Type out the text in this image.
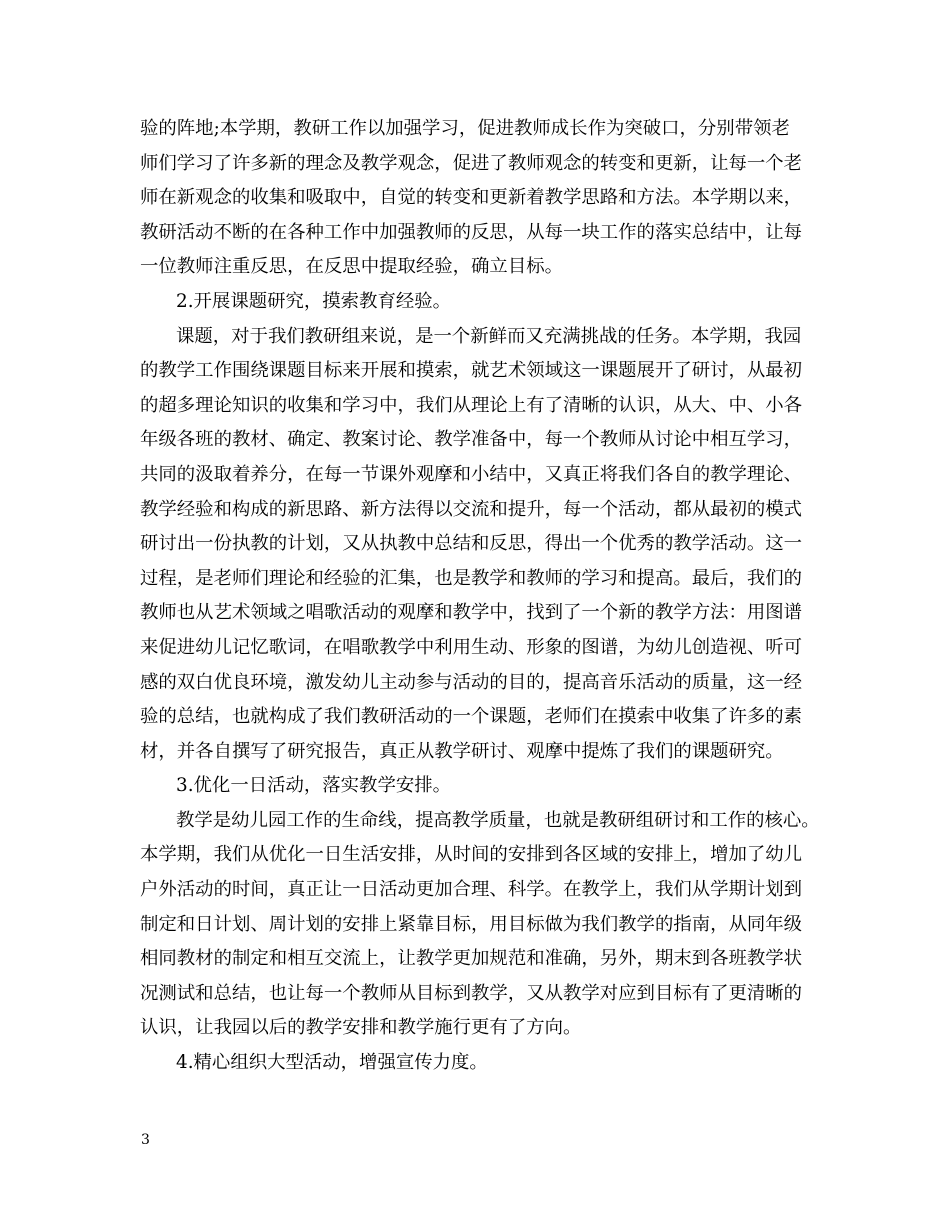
验的阵地;本学期，教研工作以加强学习，促进教师成长作为突破口，分别带领老
师们学习了许多新的理念及教学观念，促进了教师观念的转变和更新，让每一个老
师在新观念的收集和吸取中，自觉的转变和更新着教学思路和方法。本学期以来，
教研活动不断的在各种工作中加强教师的反思，从每一块工作的落实总结中，让每
一位教师注重反思，在反思中提取经验，确立目标。
2.开展课题研究，摸索教育经验。
课题，对于我们教研组来说，是一个新鲜而又充满挑战的任务。本学期，我园
的教学工作围绕课题目标来开展和摸索，就艺术领域这一课题展开了研讨，从最初
的超多理论知识的收集和学习中，我们从理论上有了清晰的认识，从大、中、小各
年级各班的教材、确定、教案讨论、教学准备中，每一个教师从讨论中相互学习，
共同的汲取着养分，在每一节课外观摩和小结中，又真正将我们各自的教学理论、
教学经验和构成的新思路、新方法得以交流和提升，每一个活动，都从最初的模式
研讨出一份执教的计划，又从执教中总结和反思，得出一个优秀的教学活动。这一
过程，是老师们理论和经验的汇集，也是教学和教师的学习和提高。最后，我们的
教师也从艺术领域之唱歌活动的观摩和教学中，找到了一个新的教学方法：用图谱
来促进幼儿记忆歌词，在唱歌教学中利用生动、形象的图谱，为幼儿创造视、听可
感的双白优良环境，激发幼儿主动参与活动的目的，提高音乐活动的质量，这一经
验的总结，也就构成了我们教研活动的一个课题，老师们在摸索中收集了许多的素
材，并各自撰写了研究报告，真正从教学研讨、观摩中提炼了我们的课题研究。
3.优化一日活动，落实教学安排。
教学是幼儿园工作的生命线，提高教学质量，也就是教研组研讨和工作的核心。
本学期，我们从优化一日生活安排，从时间的安排到各区域的安排上，增加了幼儿
户外活动的时间，真正让一日活动更加合理、科学。在教学上，我们从学期计划到
制定和日计划、周计划的安排上紧靠目标，用目标做为我们教学的指南，从同年级
相同教材的制定和相互交流上，让教学更加规范和准确，另外，期末到各班教学状
况测试和总结，也让每一个教师从目标到教学，又从教学对应到目标有了更清晰的
认识，让我园以后的教学安排和教学施行更有了方向。
4.精心组织大型活动，增强宣传力度。
3
